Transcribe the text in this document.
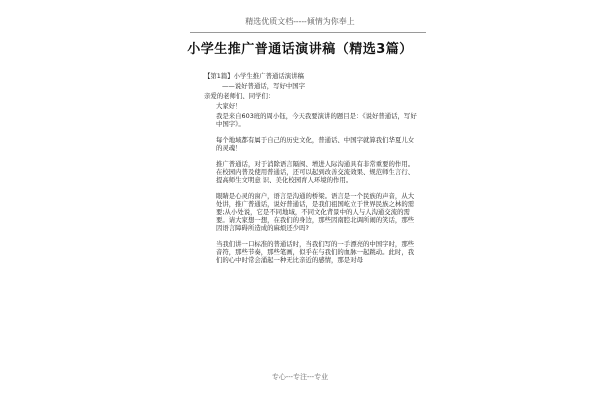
精选优质文档-----倾情为你奉上
小学生推广普通话演讲稿（精选3篇）

【第1篇】小学生推广普通话演讲稿

——说好普通话，写好中国字

亲爱的老师们、同学们：

大家好！

我是来自603班的周小钰，今天我要演讲的题目是：《说好普通话，写好中国字》。

每个地域都有属于自己的历史文化，普通话、中国字就算我们华夏儿女的灵魂！

推广普通话，对于消除语言隔阂、增进人际沟通具有非常重要的作用。在校园内普及使用普通话，还可以起到改善交流效果、规范师生言行、提高师生文明意 识、美化校园育人环境的作用。

眼睛是心灵的窗户，语言是沟通的桥梁。语言是一个民族的声音，从大处讲，推广普通话，说好普通话，是我们祖国屹立于世界民族之林的需要;从小处说，它是不同地域，不同文化背景中的人与人沟通交流的需要。请大家想一想，在我们的身边，那些因南腔北调所闹的笑话，那些因语言障碍所造成的麻烦还少吗?

当我们讲一口标准的普通话时，当我们写的一手漂亮的中国字时，那些音符，那些节奏，那些笔画，似乎在与我们的血脉一起跳动。此时，我们的心中时常会涌起一种无比亲近的感情，那是对母

专心---专注---专业
